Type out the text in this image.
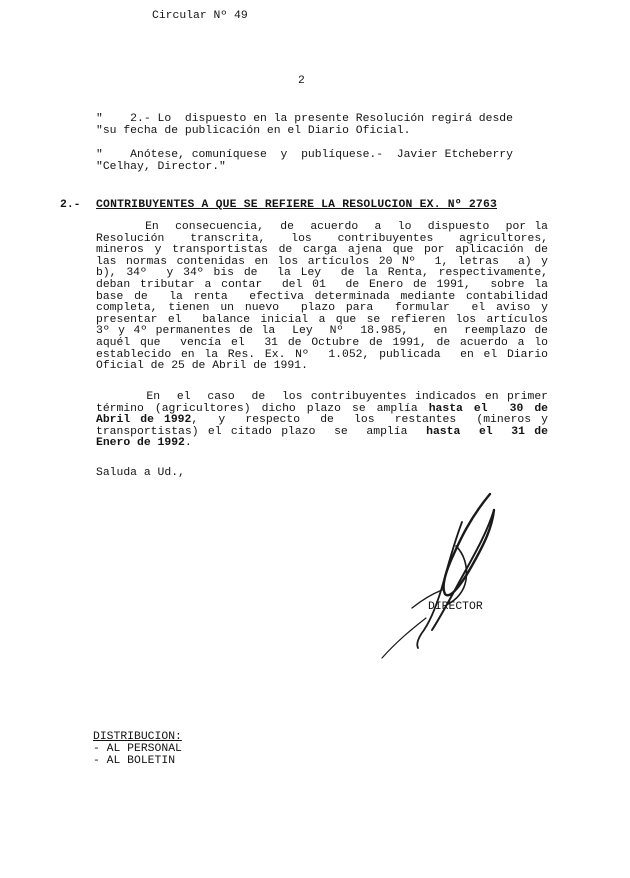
Circular Nº 49
2
"    2.- Lo  dispuesto en la presente Resolución regirá desde
"su fecha de publicación en el Diario Oficial.
"    Anótese, comuníquese  y  publíquese.-  Javier Etcheberry
"Celhay, Director."
2.- CONTRIBUYENTES A QUE SE REFIERE LA RESOLUCION EX. Nº 2763
En  consecuencia,  de  acuerdo  a  lo  dispuesto  por la
Resolución  transcrita,  los  contribuyentes  agricultores,
mineros y transportistas de carga ajena que por aplicación de
las normas contenidas en los artículos 20 Nº  1, letras  a) y
b), 34º  y 34º bis de  la Ley  de la Renta, respectivamente,
deban tributar a contar  del 01  de Enero de 1991,  sobre la
base de  la renta  efectiva determinada mediante contabilidad
completa, tienen un nuevo  plazo para  formular  el aviso y
presentar el  balance inicial a que se refieren los artículos
3º y 4º permanentes de la  Ley  Nº  18.985,   en  reemplazo de
aquél que  vencía el  31 de Octubre de 1991, de acuerdo a lo
establecido en la Res. Ex. Nº  1.052, publicada  en el Diario
Oficial de 25 de Abril de 1991.
En  el  caso  de  los contribuyentes indicados en primer
término (agricultores) dicho plazo se amplía hasta el  30 de
Abril de 1992,  y  respecto  de  los  restantes  (mineros y
transportistas) el citado plazo  se  amplía  hasta  el  31 de
Enero de 1992.
Saluda a Ud.,
DIRECTOR
DISTRIBUCION:
- AL PERSONAL
- AL BOLETIN
